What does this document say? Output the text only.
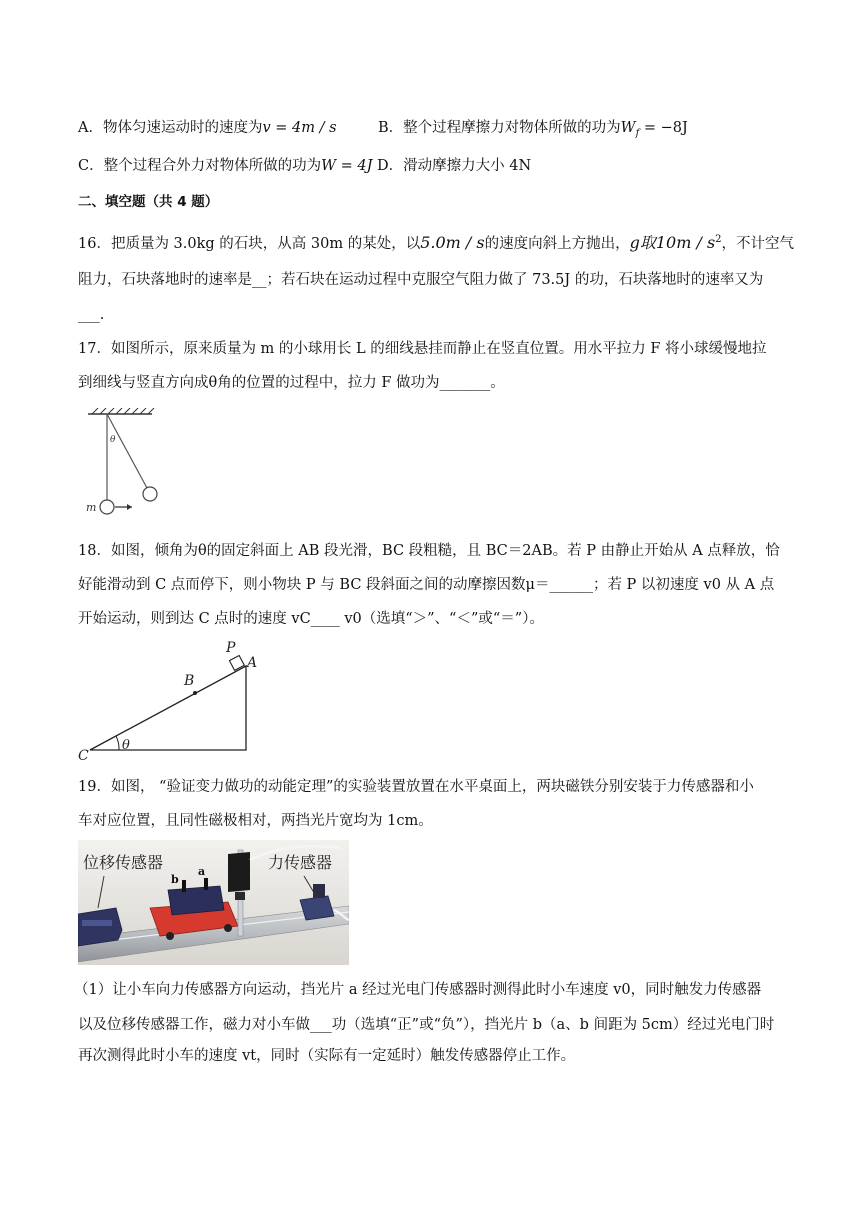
A．物体匀速运动时的速度为v = 4m / s	B．整个过程摩擦力对物体所做的功为$W_f = -8J$
C．整个过程合外力对物体所做的功为W = 4J D．滑动摩擦力大小 4N
二、填空题（共 4 题）
16．把质量为 3.0kg 的石块，从高 30m 的某处，以5.0m / s的速度向斜上方抛出，g取$10m / s^2$，不计空气
阻力，石块落地时的速率是__；若石块在运动过程中克服空气阻力做了 73.5J 的功，石块落地时的速率又为
___.
17．如图所示，原来质量为 m 的小球用长 L 的细线悬挂而静止在竖直位置。用水平拉力 F 将小球缓慢地拉
到细线与竖直方向成θ角的位置的过程中，拉力 F 做功为_______。
θ
m
18．如图，倾角为θ的固定斜面上 AB 段光滑，BC 段粗糙，且 BC＝2AB。若 P 由静止开始从 A 点释放，恰
好能滑动到 C 点而停下，则小物块 P 与 BC 段斜面之间的动摩擦因数μ＝______；若 P 以初速度 v0 从 A 点
开始运动，则到达 C 点时的速度 vC____ v0（选填“＞”、“＜”或“＝”）。
P
A
B
C
θ
19．如图， “验证变力做功的动能定理”的实验装置放置在水平桌面上，两块磁铁分别安装于力传感器和小
车对应位置，且同性磁极相对，两挡光片宽均为 1cm。
b
a
位移传感器	力传感器
（1）让小车向力传感器方向运动，挡光片 a 经过光电门传感器时测得此时小车速度 v0，同时触发力传感器
以及位移传感器工作，磁力对小车做___功（选填“正”或“负”），挡光片 b（a、b 间距为 5cm）经过光电门时
再次测得此时小车的速度 vt，同时（实际有一定延时）触发传感器停止工作。
